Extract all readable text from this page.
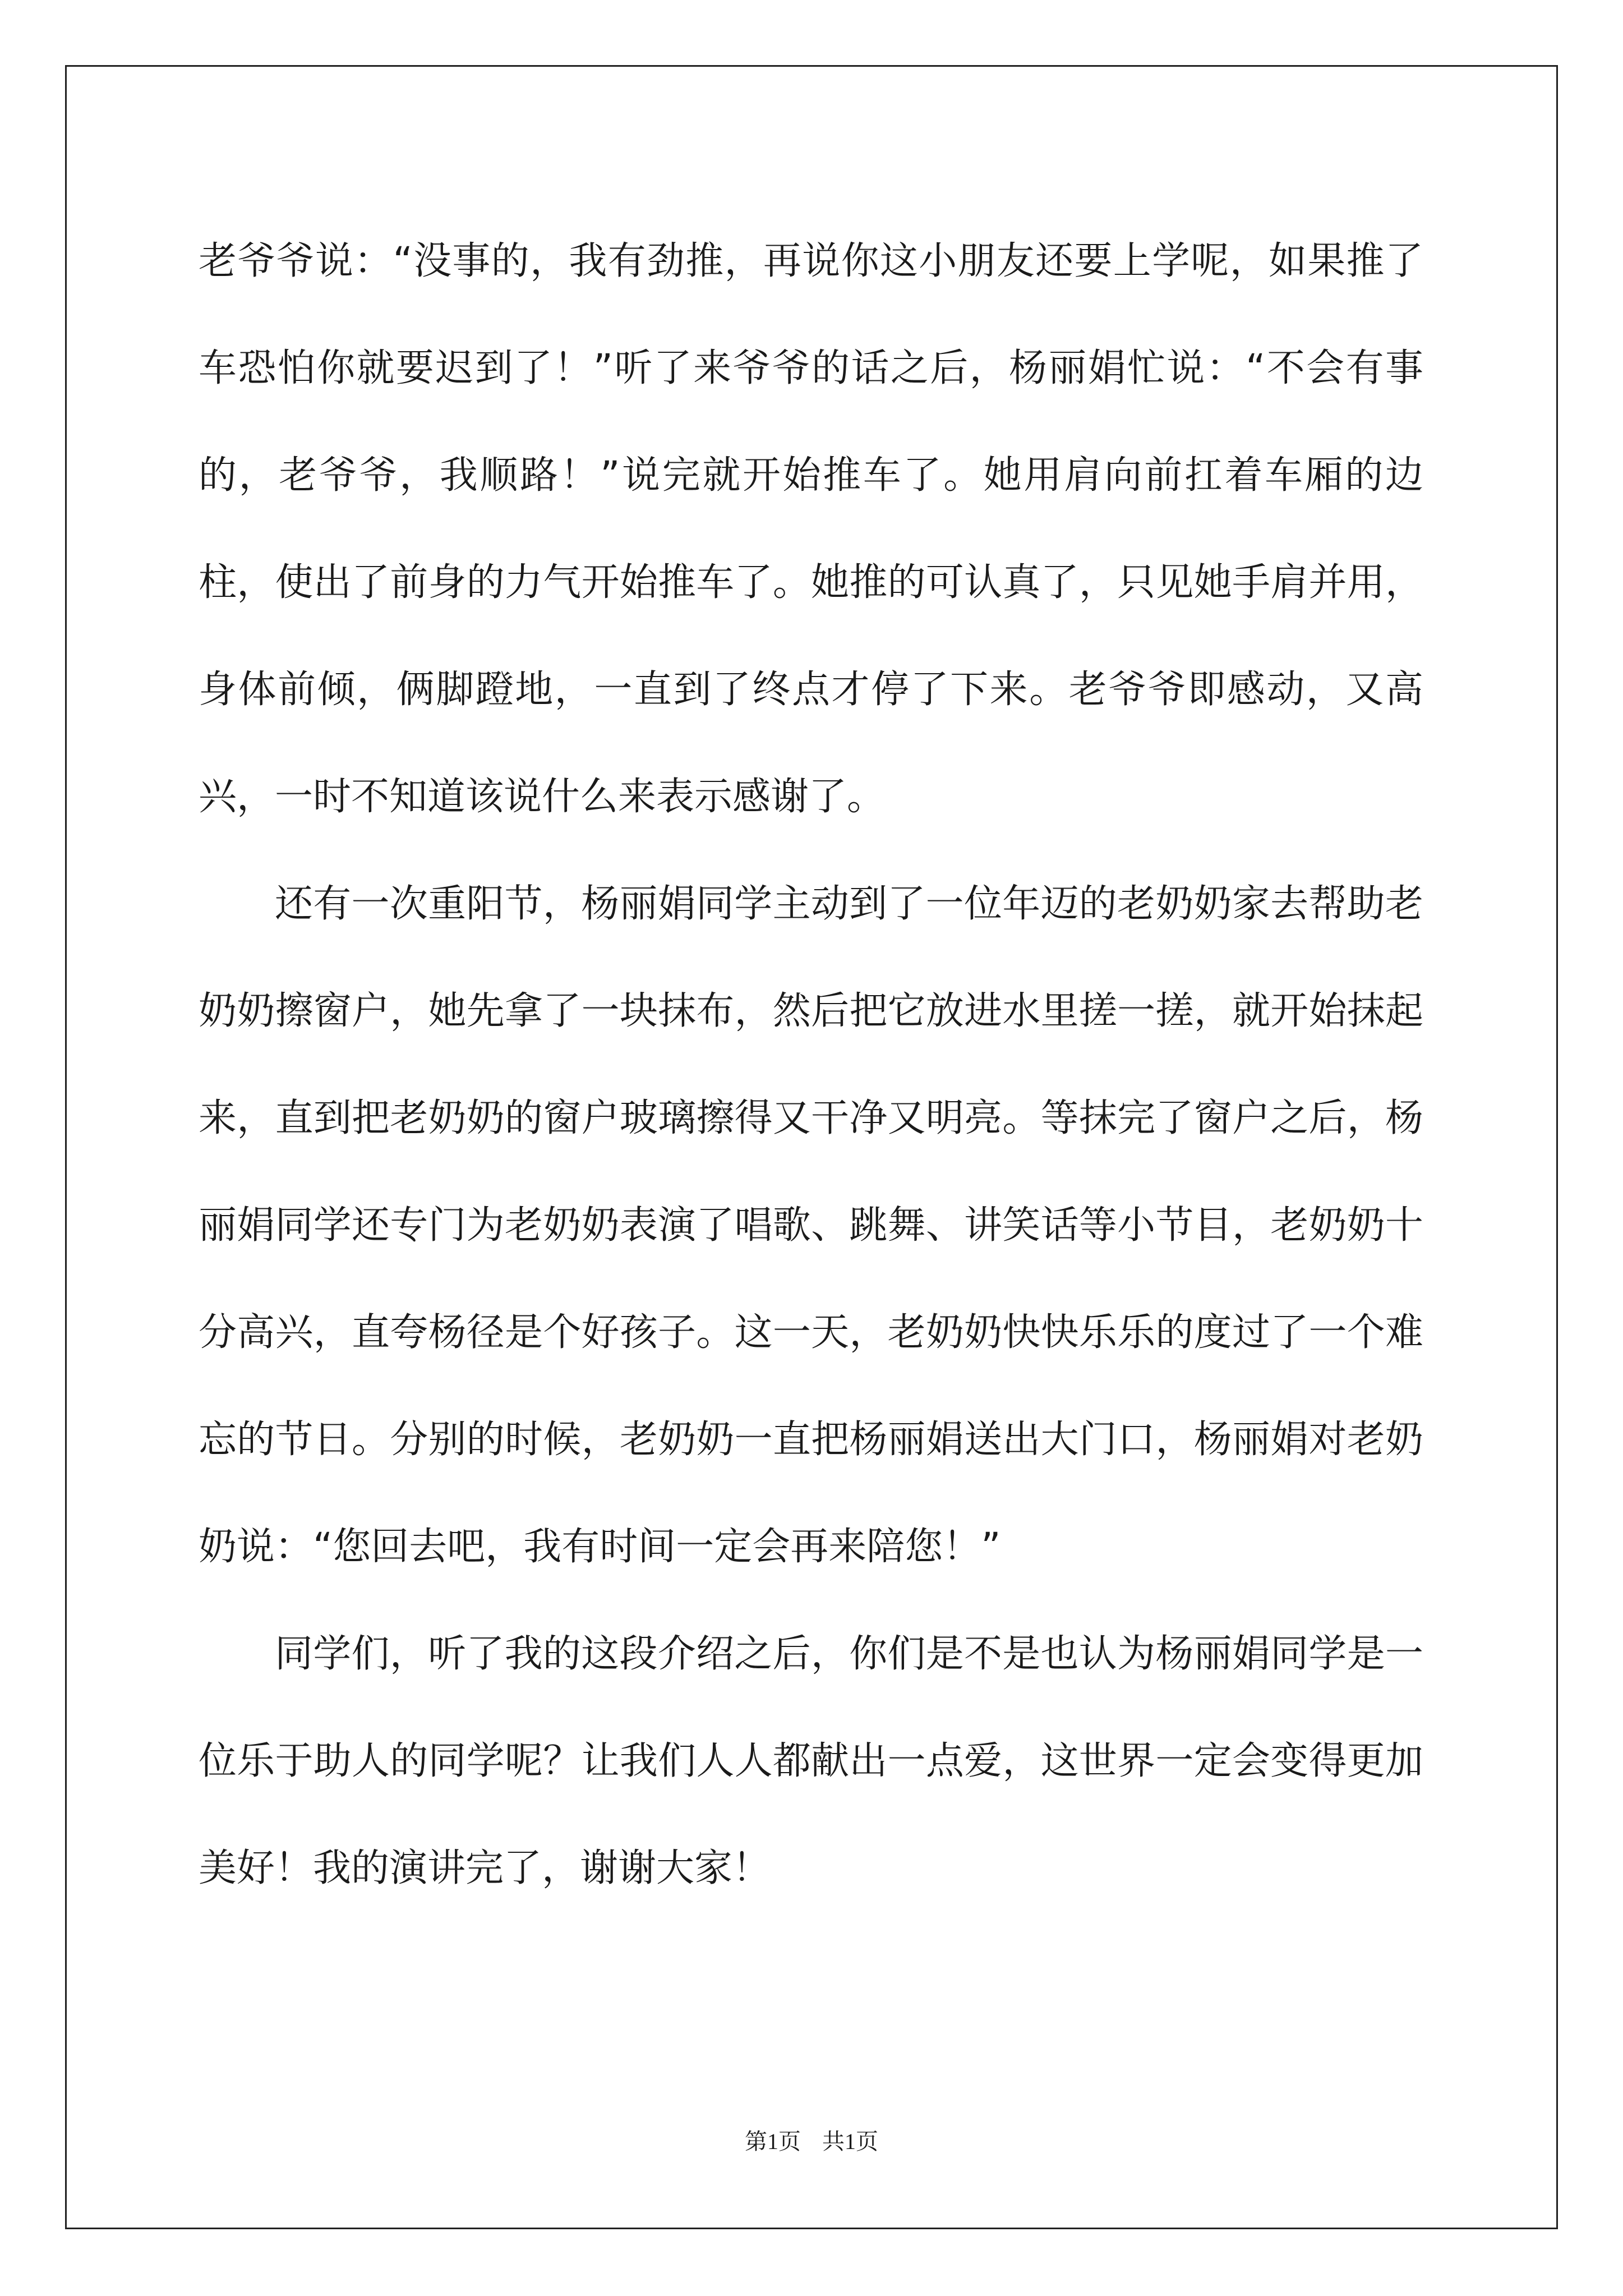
老爷爷说：“没事的，我有劲推，再说你这小朋友还要上学呢，如果推了车恐怕你就要迟到了！”听了来爷爷的话之后，杨丽娟忙说：“不会有事的，老爷爷，我顺路！”说完就开始推车了。她用肩向前扛着车厢的边柱，使出了前身的力气开始推车了。她推的可认真了，只见她手肩并用，身体前倾，俩脚蹬地，一直到了终点才停了下来。老爷爷即感动，又高兴，一时不知道该说什么来表示感谢了。

还有一次重阳节，杨丽娟同学主动到了一位年迈的老奶奶家去帮助老奶奶擦窗户，她先拿了一块抹布，然后把它放进水里搓一搓，就开始抹起来，直到把老奶奶的窗户玻璃擦得又干净又明亮。等抹完了窗户之后，杨丽娟同学还专门为老奶奶表演了唱歌、跳舞、讲笑话等小节目，老奶奶十分高兴，直夸杨径是个好孩子。这一天，老奶奶快快乐乐的度过了一个难忘的节日。分别的时候，老奶奶一直把杨丽娟送出大门口，杨丽娟对老奶奶说：“您回去吧，我有时间一定会再来陪您！”

同学们，听了我的这段介绍之后，你们是不是也认为杨丽娟同学是一位乐于助人的同学呢？让我们人人都献出一点爱，这世界一定会变得更加美好！我的演讲完了，谢谢大家！

第1页 共1页
